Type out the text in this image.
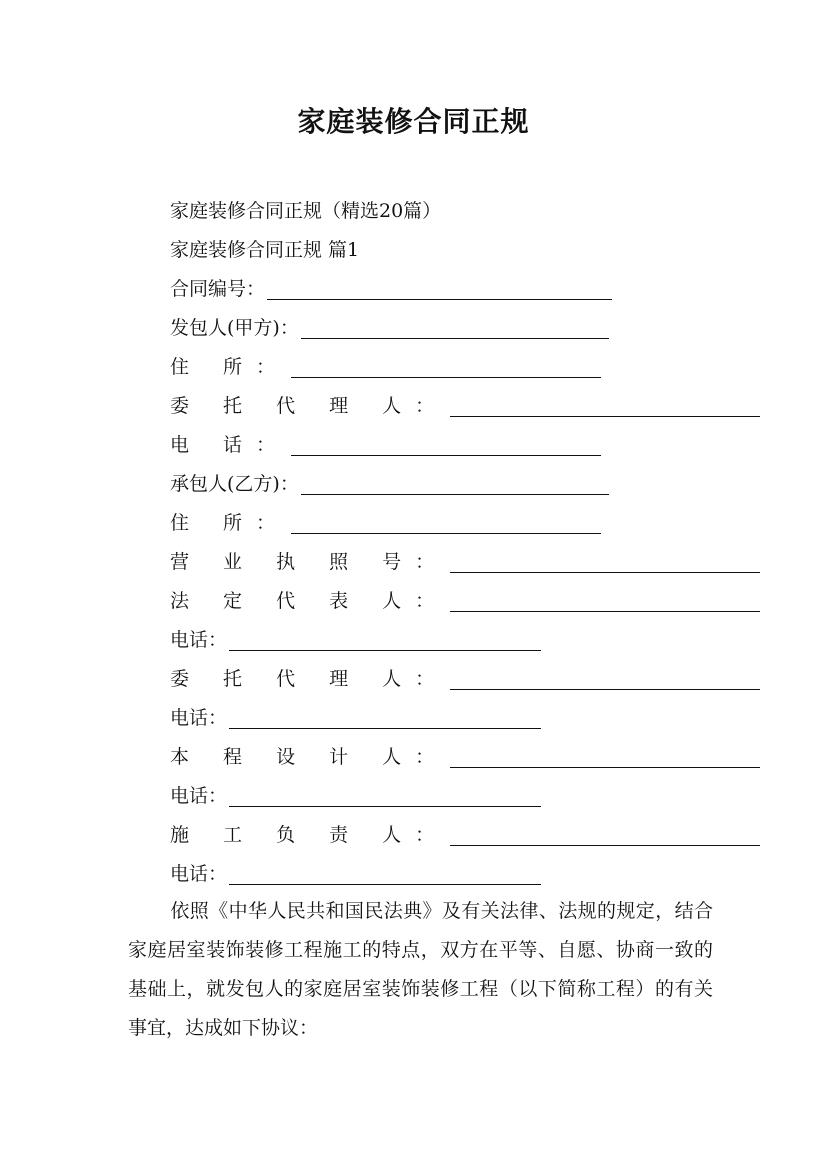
家庭装修合同正规
家庭装修合同正规（精选20篇）
家庭装修合同正规 篇1
合同编号：
发包人(甲方)：
住 所：
委 托 代 理 人：
电 话：
承包人(乙方)：
住 所：
营 业 执 照 号：
法 定 代 表 人：
电话：
委 托 代 理 人：
电话：
本 程 设 计 人：
电话：
施 工 负 责 人：
电话：
依照《中华人民共和国民法典》及有关法律、法规的规定，结合家庭居室装饰装修工程施工的特点，双方在平等、自愿、协商一致的基础上，就发包人的家庭居室装饰装修工程（以下简称工程）的有关事宜，达成如下协议：
